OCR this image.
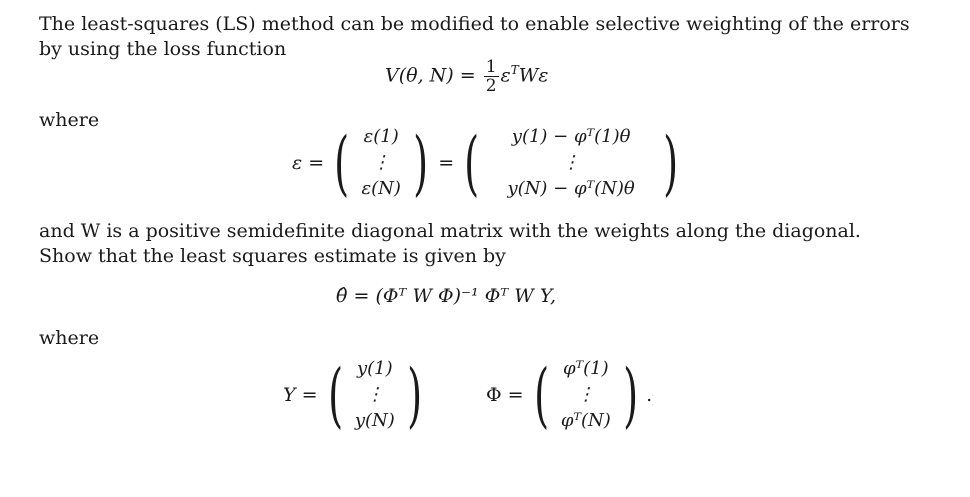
The least-squares (LS) method can be modified to enable selective weighting of the errors by using the loss function
V(θ, $N) = \frac{1}{2} \varepsilon^TW\varepsilon$
where
ε = ( ε(1)
⋮
ε(N) ) = ( y(1) − φᵀ(1)θ
⋮
y(N) − φᵀ(N)θ )
and W is a positive semidefinite diagonal matrix with the weights along the diagonal. Show that the least squares estimate is given by
θ̂ = (Φᵀ W Φ)⁻¹ Φᵀ W Y,
where
Y = ( y(1)
⋮
y(N) )	Φ = ( φᵀ(1)
⋮
φᵀ(N) ) .
